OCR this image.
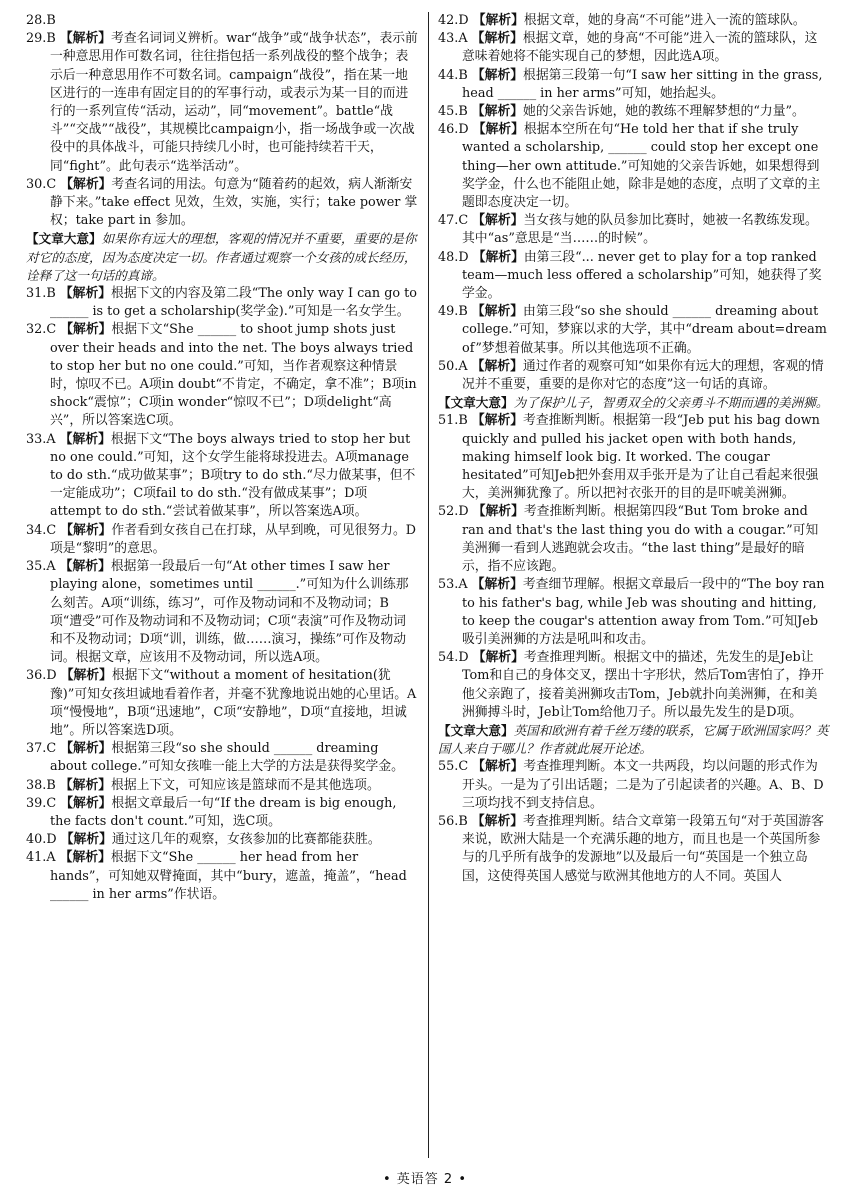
28.B

29.B 【解析】考查名词词义辨析。war“战争”或“战争状态”，表示前一种意思用作可数名词，往往指包括一系列战役的整个战争；表示后一种意思用作不可数名词。campaign“战役”，指在某一地区进行的一连串有固定目的的军事行动，或表示为某一目的而进行的一系列宣传“活动，运动”，同“movement”。battle“战斗”“交战”“战役”，其规模比campaign小，指一场战争或一次战役中的具体战斗，可能只持续几小时，也可能持续若干天，同“fight”。此句表示“选举活动”。

30.C 【解析】考查名词的用法。句意为“随着药的起效，病人渐渐安静下来。”take effect 见效，生效，实施，实行；take power 掌权；take part in 参加。

【文章大意】如果你有远大的理想，客观的情况并不重要，重要的是你对它的态度，因为态度决定一切。作者通过观察一个女孩的成长经历，诠释了这一句话的真谛。

31.B 【解析】根据下文的内容及第二段“The only way I can go to ______ is to get a scholarship(奖学金).”可知是一名女学生。

32.C 【解析】根据下文“She ______ to shoot jump shots just over their heads and into the net. The boys always tried to stop her but no one could.”可知，当作者观察这种情景时，惊叹不已。A项in doubt“不肯定，不确定，拿不准”；B项in shock“震惊”；C项in wonder“惊叹不已”；D项delight“高兴”，所以答案选C项。

33.A 【解析】根据下文“The boys always tried to stop her but no one could.”可知，这个女学生能将球投进去。A项manage to do sth.“成功做某事”；B项try to do sth.“尽力做某事，但不一定能成功”；C项fail to do sth.“没有做成某事”；D项attempt to do sth.“尝试着做某事”，所以答案选A项。

34.C 【解析】作者看到女孩自己在打球，从早到晚，可见很努力。D项是“黎明”的意思。

35.A 【解析】根据第一段最后一句“At other times I saw her playing alone，sometimes until ______.”可知为什么训练那么刻苦。A项“训练，练习”，可作及物动词和不及物动词；B项“遭受”可作及物动词和不及物动词；C项“表演”可作及物动词和不及物动词；D项“训，训练，做……演习，操练”可作及物动词。根据文章，应该用不及物动词，所以选A项。

36.D 【解析】根据下文“without a moment of hesitation(犹豫)”可知女孩坦诚地看着作者，并毫不犹豫地说出她的心里话。A项“慢慢地”，B项“迅速地”，C项“安静地”，D项“直接地，坦诚地”。所以答案选D项。

37.C 【解析】根据第三段“so she should ______ dreaming about college.”可知女孩唯一能上大学的方法是获得奖学金。

38.B 【解析】根据上下文，可知应该是篮球而不是其他选项。

39.C 【解析】根据文章最后一句“If the dream is big enough, the facts don't count.”可知，选C项。

40.D 【解析】通过这几年的观察，女孩参加的比赛都能获胜。

41.A 【解析】根据下文“She ______ her head from her hands”，可知她双臂掩面，其中“bury，遮盖，掩盖”，“head ______ in her arms”作状语。

42.D 【解析】根据文章，她的身高“不可能”进入一流的篮球队。

43.A 【解析】根据文章，她的身高“不可能”进入一流的篮球队，这意味着她将不能实现自己的梦想，因此选A项。

44.B 【解析】根据第三段第一句“I saw her sitting in the grass, head ______ in her arms”可知，她抬起头。

45.B 【解析】她的父亲告诉她，她的教练不理解梦想的“力量”。

46.D 【解析】根据本空所在句“He told her that if she truly wanted a scholarship, ______ could stop her except one thing—her own attitude.”可知她的父亲告诉她，如果想得到奖学金，什么也不能阻止她，除非是她的态度，点明了文章的主题即态度决定一切。

47.C 【解析】当女孩与她的队员参加比赛时，她被一名教练发现。其中“as”意思是“当……的时候”。

48.D 【解析】由第三段“... never get to play for a top ranked team—much less offered a scholarship”可知，她获得了奖学金。

49.B 【解析】由第三段“so she should ______ dreaming about college.”可知，梦寐以求的大学，其中“dream about=dream of”梦想着做某事。所以其他选项不正确。

50.A 【解析】通过作者的观察可知“如果你有远大的理想，客观的情况并不重要，重要的是你对它的态度”这一句话的真谛。

【文章大意】为了保护儿子，智勇双全的父亲勇斗不期而遇的美洲狮。

51.B 【解析】考查推断判断。根据第一段“Jeb put his bag down quickly and pulled his jacket open with both hands, making himself look big. It worked. The cougar hesitated”可知Jeb把外套用双手张开是为了让自己看起来很强大，美洲狮犹豫了。所以把衬衣张开的目的是吓唬美洲狮。

52.D 【解析】考查推断判断。根据第四段“But Tom broke and ran and that's the last thing you do with a cougar.”可知美洲狮一看到人逃跑就会攻击。“the last thing”是最好的暗示，指不应该跑。

53.A 【解析】考查细节理解。根据文章最后一段中的“The boy ran to his father's bag, while Jeb was shouting and hitting, to keep the cougar's attention away from Tom.”可知Jeb吸引美洲狮的方法是吼叫和攻击。

54.D 【解析】考查推理判断。根据文中的描述，先发生的是Jeb让Tom和自己的身体交叉，摆出十字形状，然后Tom害怕了，挣开他父亲跑了，接着美洲狮攻击Tom，Jeb就扑向美洲狮，在和美洲狮搏斗时，Jeb让Tom给他刀子。所以最先发生的是D项。

【文章大意】英国和欧洲有着千丝万缕的联系，它属于欧洲国家吗？英国人来自于哪儿？作者就此展开论述。

55.C 【解析】考查推理判断。本文一共两段，均以问题的形式作为开头。一是为了引出话题；二是为了引起读者的兴趣。A、B、D三项均找不到支持信息。

56.B 【解析】考查推理判断。结合文章第一段第五句“对于英国游客来说，欧洲大陆是一个充满乐趣的地方，而且也是一个英国所参与的几乎所有战争的发源地”以及最后一句“英国是一个独立岛国，这使得英国人感觉与欧洲其他地方的人不同。英国人

• 英语答 2 •
